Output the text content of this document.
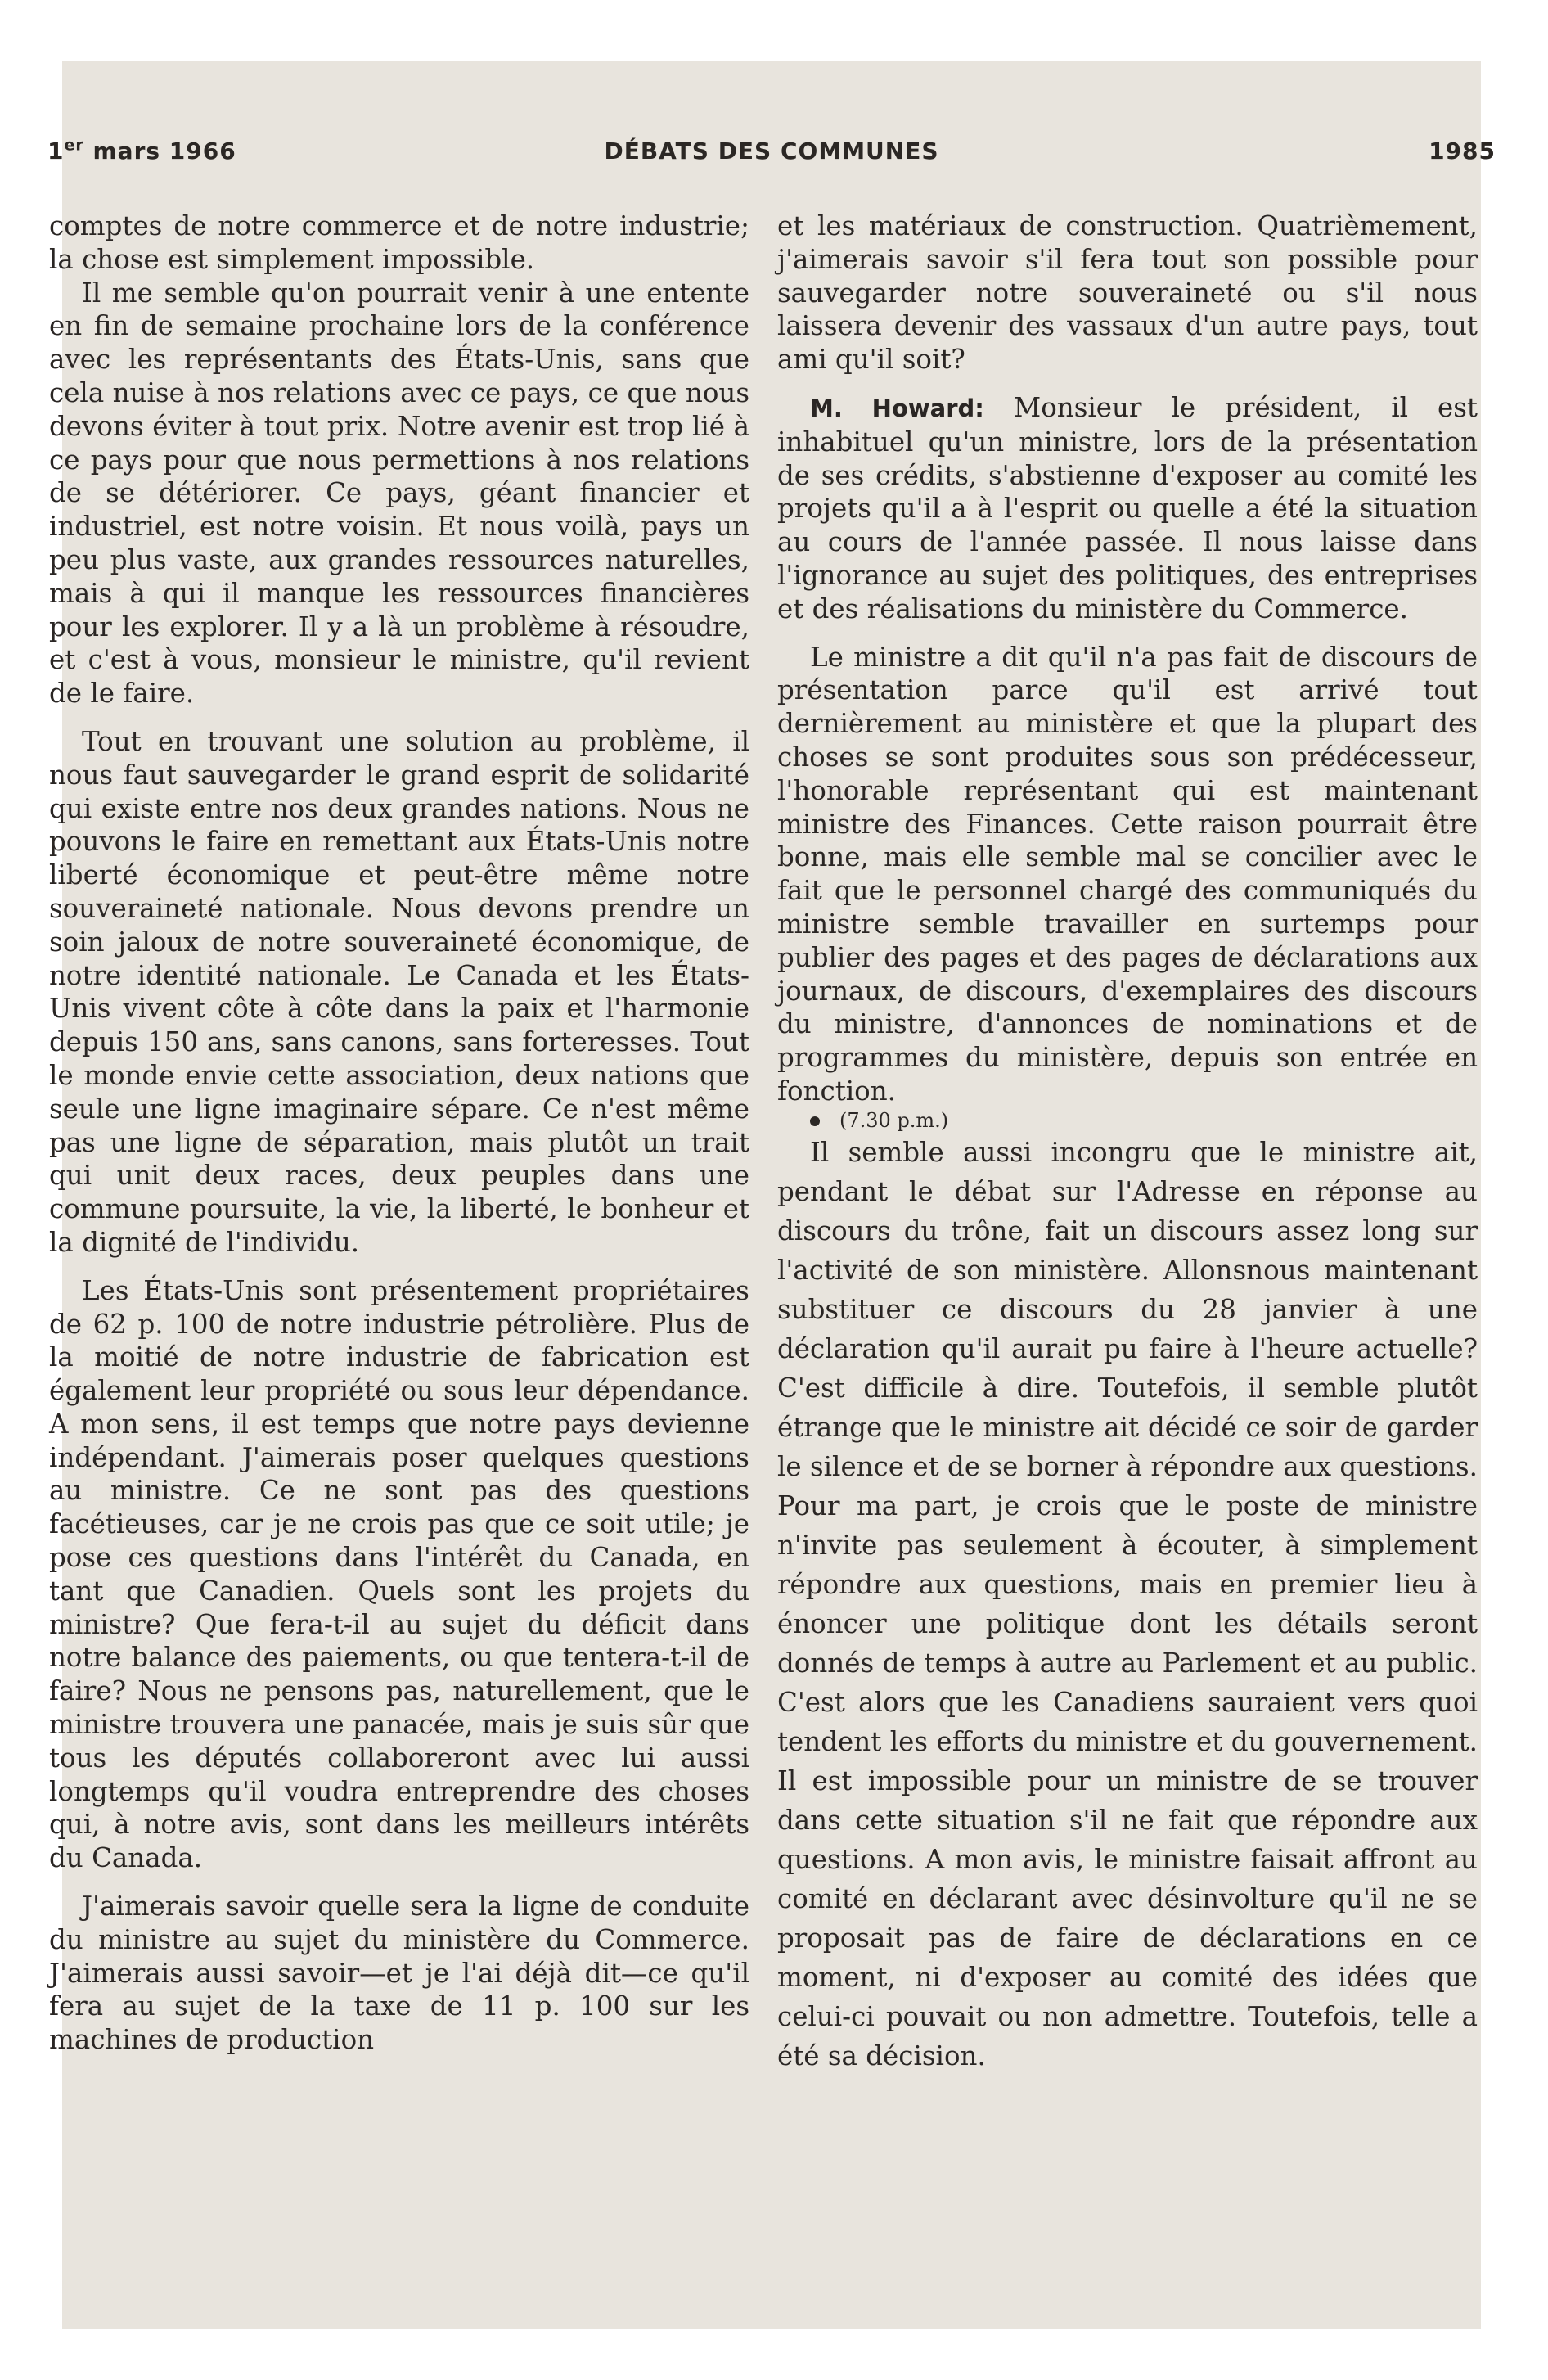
1er mars 1966	DÉBATS DES COMMUNES	1985

comptes de notre commerce et de notre industrie; la chose est simplement impossible.

Il me semble qu'on pourrait venir à une entente en fin de semaine prochaine lors de la conférence avec les représentants des États-Unis, sans que cela nuise à nos relations avec ce pays, ce que nous devons éviter à tout prix. Notre avenir est trop lié à ce pays pour que nous permettions à nos relations de se détériorer. Ce pays, géant financier et industriel, est notre voisin. Et nous voilà, pays un peu plus vaste, aux grandes ressources naturelles, mais à qui il manque les ressources financières pour les explorer. Il y a là un problème à résoudre, et c'est à vous, monsieur le ministre, qu'il revient de le faire.

Tout en trouvant une solution au problème, il nous faut sauvegarder le grand esprit de solidarité qui existe entre nos deux grandes nations. Nous ne pouvons le faire en remettant aux États-Unis notre liberté économique et peut-être même notre souveraineté nationale. Nous devons prendre un soin jaloux de notre souveraineté économique, de notre identité nationale. Le Canada et les États-Unis vivent côte à côte dans la paix et l'harmonie depuis 150 ans, sans canons, sans forteresses. Tout le monde envie cette association, deux nations que seule une ligne imaginaire sépare. Ce n'est même pas une ligne de séparation, mais plutôt un trait qui unit deux races, deux peuples dans une commune poursuite, la vie, la liberté, le bonheur et la dignité de l'individu.

Les États-Unis sont présentement propriétaires de 62 p. 100 de notre industrie pétrolière. Plus de la moitié de notre industrie de fabrication est également leur propriété ou sous leur dépendance. A mon sens, il est temps que notre pays devienne indépendant. J'aimerais poser quelques questions au ministre. Ce ne sont pas des questions facétieuses, car je ne crois pas que ce soit utile; je pose ces questions dans l'intérêt du Canada, en tant que Canadien. Quels sont les projets du ministre? Que fera-t-il au sujet du déficit dans notre balance des paiements, ou que tentera-t-il de faire? Nous ne pensons pas, naturellement, que le ministre trouvera une panacée, mais je suis sûr que tous les députés collaboreront avec lui aussi longtemps qu'il voudra entreprendre des choses qui, à notre avis, sont dans les meilleurs intérêts du Canada.

J'aimerais savoir quelle sera la ligne de conduite du ministre au sujet du ministère du Commerce. J'aimerais aussi savoir—et je l'ai déjà dit—ce qu'il fera au sujet de la taxe de 11 p. 100 sur les machines de production

et les matériaux de construction. Quatrièmement, j'aimerais savoir s'il fera tout son possible pour sauvegarder notre souveraineté ou s'il nous laissera devenir des vassaux d'un autre pays, tout ami qu'il soit?

M. Howard: Monsieur le président, il est inhabituel qu'un ministre, lors de la présentation de ses crédits, s'abstienne d'exposer au comité les projets qu'il a à l'esprit ou quelle a été la situation au cours de l'année passée. Il nous laisse dans l'ignorance au sujet des politiques, des entreprises et des réalisations du ministère du Commerce.

Le ministre a dit qu'il n'a pas fait de discours de présentation parce qu'il est arrivé tout dernièrement au ministère et que la plupart des choses se sont produites sous son prédécesseur, l'honorable représentant qui est maintenant ministre des Finances. Cette raison pourrait être bonne, mais elle semble mal se concilier avec le fait que le personnel chargé des communiqués du ministre semble travailler en surtemps pour publier des pages et des pages de déclarations aux journaux, de discours, d'exemplaires des discours du ministre, d'annonces de nominations et de programmes du ministère, depuis son entrée en fonction.

(7.30 p.m.)

Il semble aussi incongru que le ministre ait, pendant le débat sur l'Adresse en réponse au discours du trône, fait un discours assez long sur l'activité de son ministère. Allonsnous maintenant substituer ce discours du 28 janvier à une déclaration qu'il aurait pu faire à l'heure actuelle? C'est difficile à dire. Toutefois, il semble plutôt étrange que le ministre ait décidé ce soir de garder le silence et de se borner à répondre aux questions. Pour ma part, je crois que le poste de ministre n'invite pas seulement à écouter, à simplement répondre aux questions, mais en premier lieu à énoncer une politique dont les détails seront donnés de temps à autre au Parlement et au public. C'est alors que les Canadiens sauraient vers quoi tendent les efforts du ministre et du gouvernement. Il est impossible pour un ministre de se trouver dans cette situation s'il ne fait que répondre aux questions. A mon avis, le ministre faisait affront au comité en déclarant avec désinvolture qu'il ne se proposait pas de faire de déclarations en ce moment, ni d'exposer au comité des idées que celui-ci pouvait ou non admettre. Toutefois, telle a été sa décision.
